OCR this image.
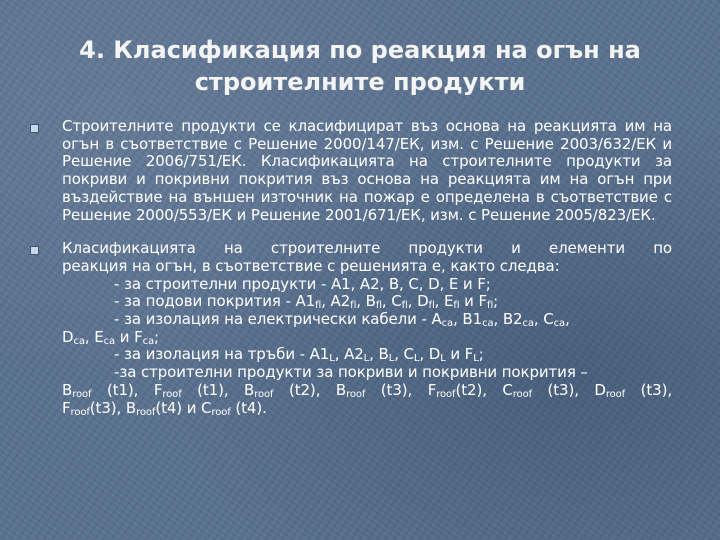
4. Класификация по реакция на огън на
строителните продукти
Строителните продукти се класифицират въз основа на реакцията им на огън в съответствие с Решение 2000/147/ЕК, изм. с Решение 2003/632/ЕК и Решение 2006/751/ЕК. Класификацията на строителните продукти за покриви и покривни покрития въз основа на реакцията им на огън при въздействие на външен източник на пожар е определена в съответствие с Решение 2000/553/ЕК и Решение 2001/671/ЕК, изм. с Решение 2005/823/ЕК.
Класификацията на строителните продукти и елементи по
реакция на огън, в съответствие с решенията е, както следва:
- за строителни продукти - A1, A2, B, C, D, E и F;
- за подови покрития - $A1_{fl}$, $A2_{fl}$, $B_{fl}$, $C_{fl}$, $D_{fl}$, $E_{fl}$ и $F_{fl}$;
- за изолация на електрически кабели - $A_{ca}$, $B1_{ca}$, $B2_{ca}$, $C_{ca}$,
$D_{ca}$, $E_{ca}$ и $F_{ca}$;
- за изолация на тръби - $A1_L$, $A2_L$, $B_L$, $C_L$, $D_L$ и $F_L$;
-за строителни продукти за покриви и покривни покрития –
$B_{roof}$ (t1), $F_{roof}$ (t1), $B_{roof}$ (t2), $B_{roof}$ (t3), $F_{roof}(t2)$, $C_{roof}$ (t3), $D_{roof}$ (t3),
$F_{roof}(t3)$, $B_{roof}(t4)$ и $C_{roof}$ (t4).
